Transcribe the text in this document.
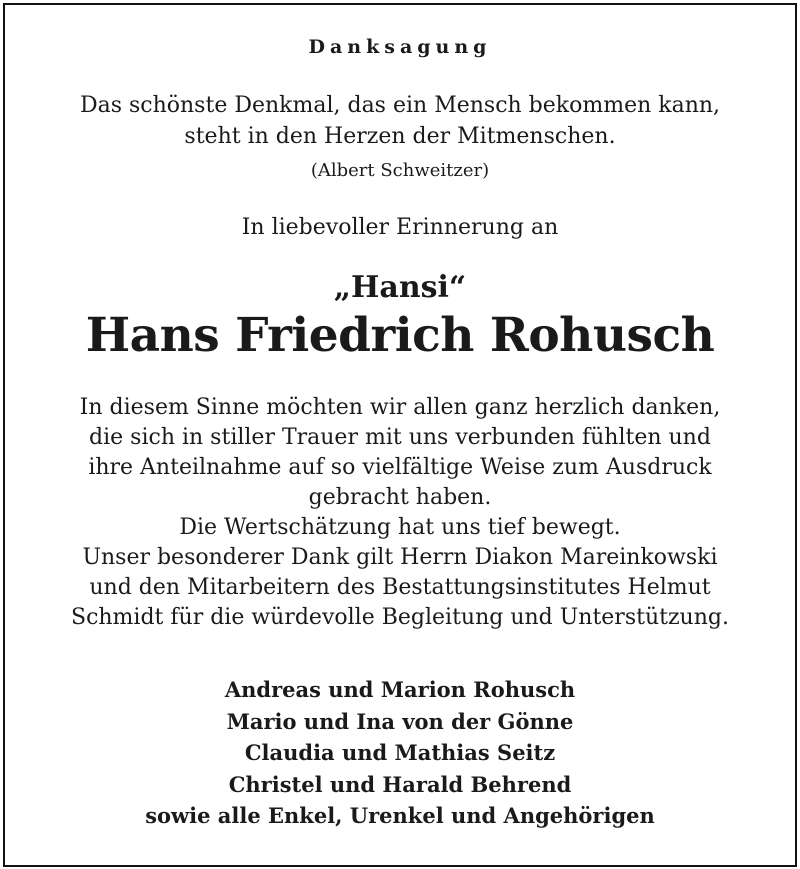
Danksagung
Das schönste Denkmal, das ein Mensch bekommen kann,
steht in den Herzen der Mitmenschen.
(Albert Schweitzer)
In liebevoller Erinnerung an
„Hansi“
Hans Friedrich Rohusch
In diesem Sinne möchten wir allen ganz herzlich danken,
die sich in stiller Trauer mit uns verbunden fühlten und
ihre Anteilnahme auf so vielfältige Weise zum Ausdruck
gebracht haben.
Die Wertschätzung hat uns tief bewegt.
Unser besonderer Dank gilt Herrn Diakon Mareinkowski
und den Mitarbeitern des Bestattungsinstitutes Helmut
Schmidt für die würdevolle Begleitung und Unterstützung.
Andreas und Marion Rohusch
Mario und Ina von der Gönne
Claudia und Mathias Seitz
Christel und Harald Behrend
sowie alle Enkel, Urenkel und Angehörigen
